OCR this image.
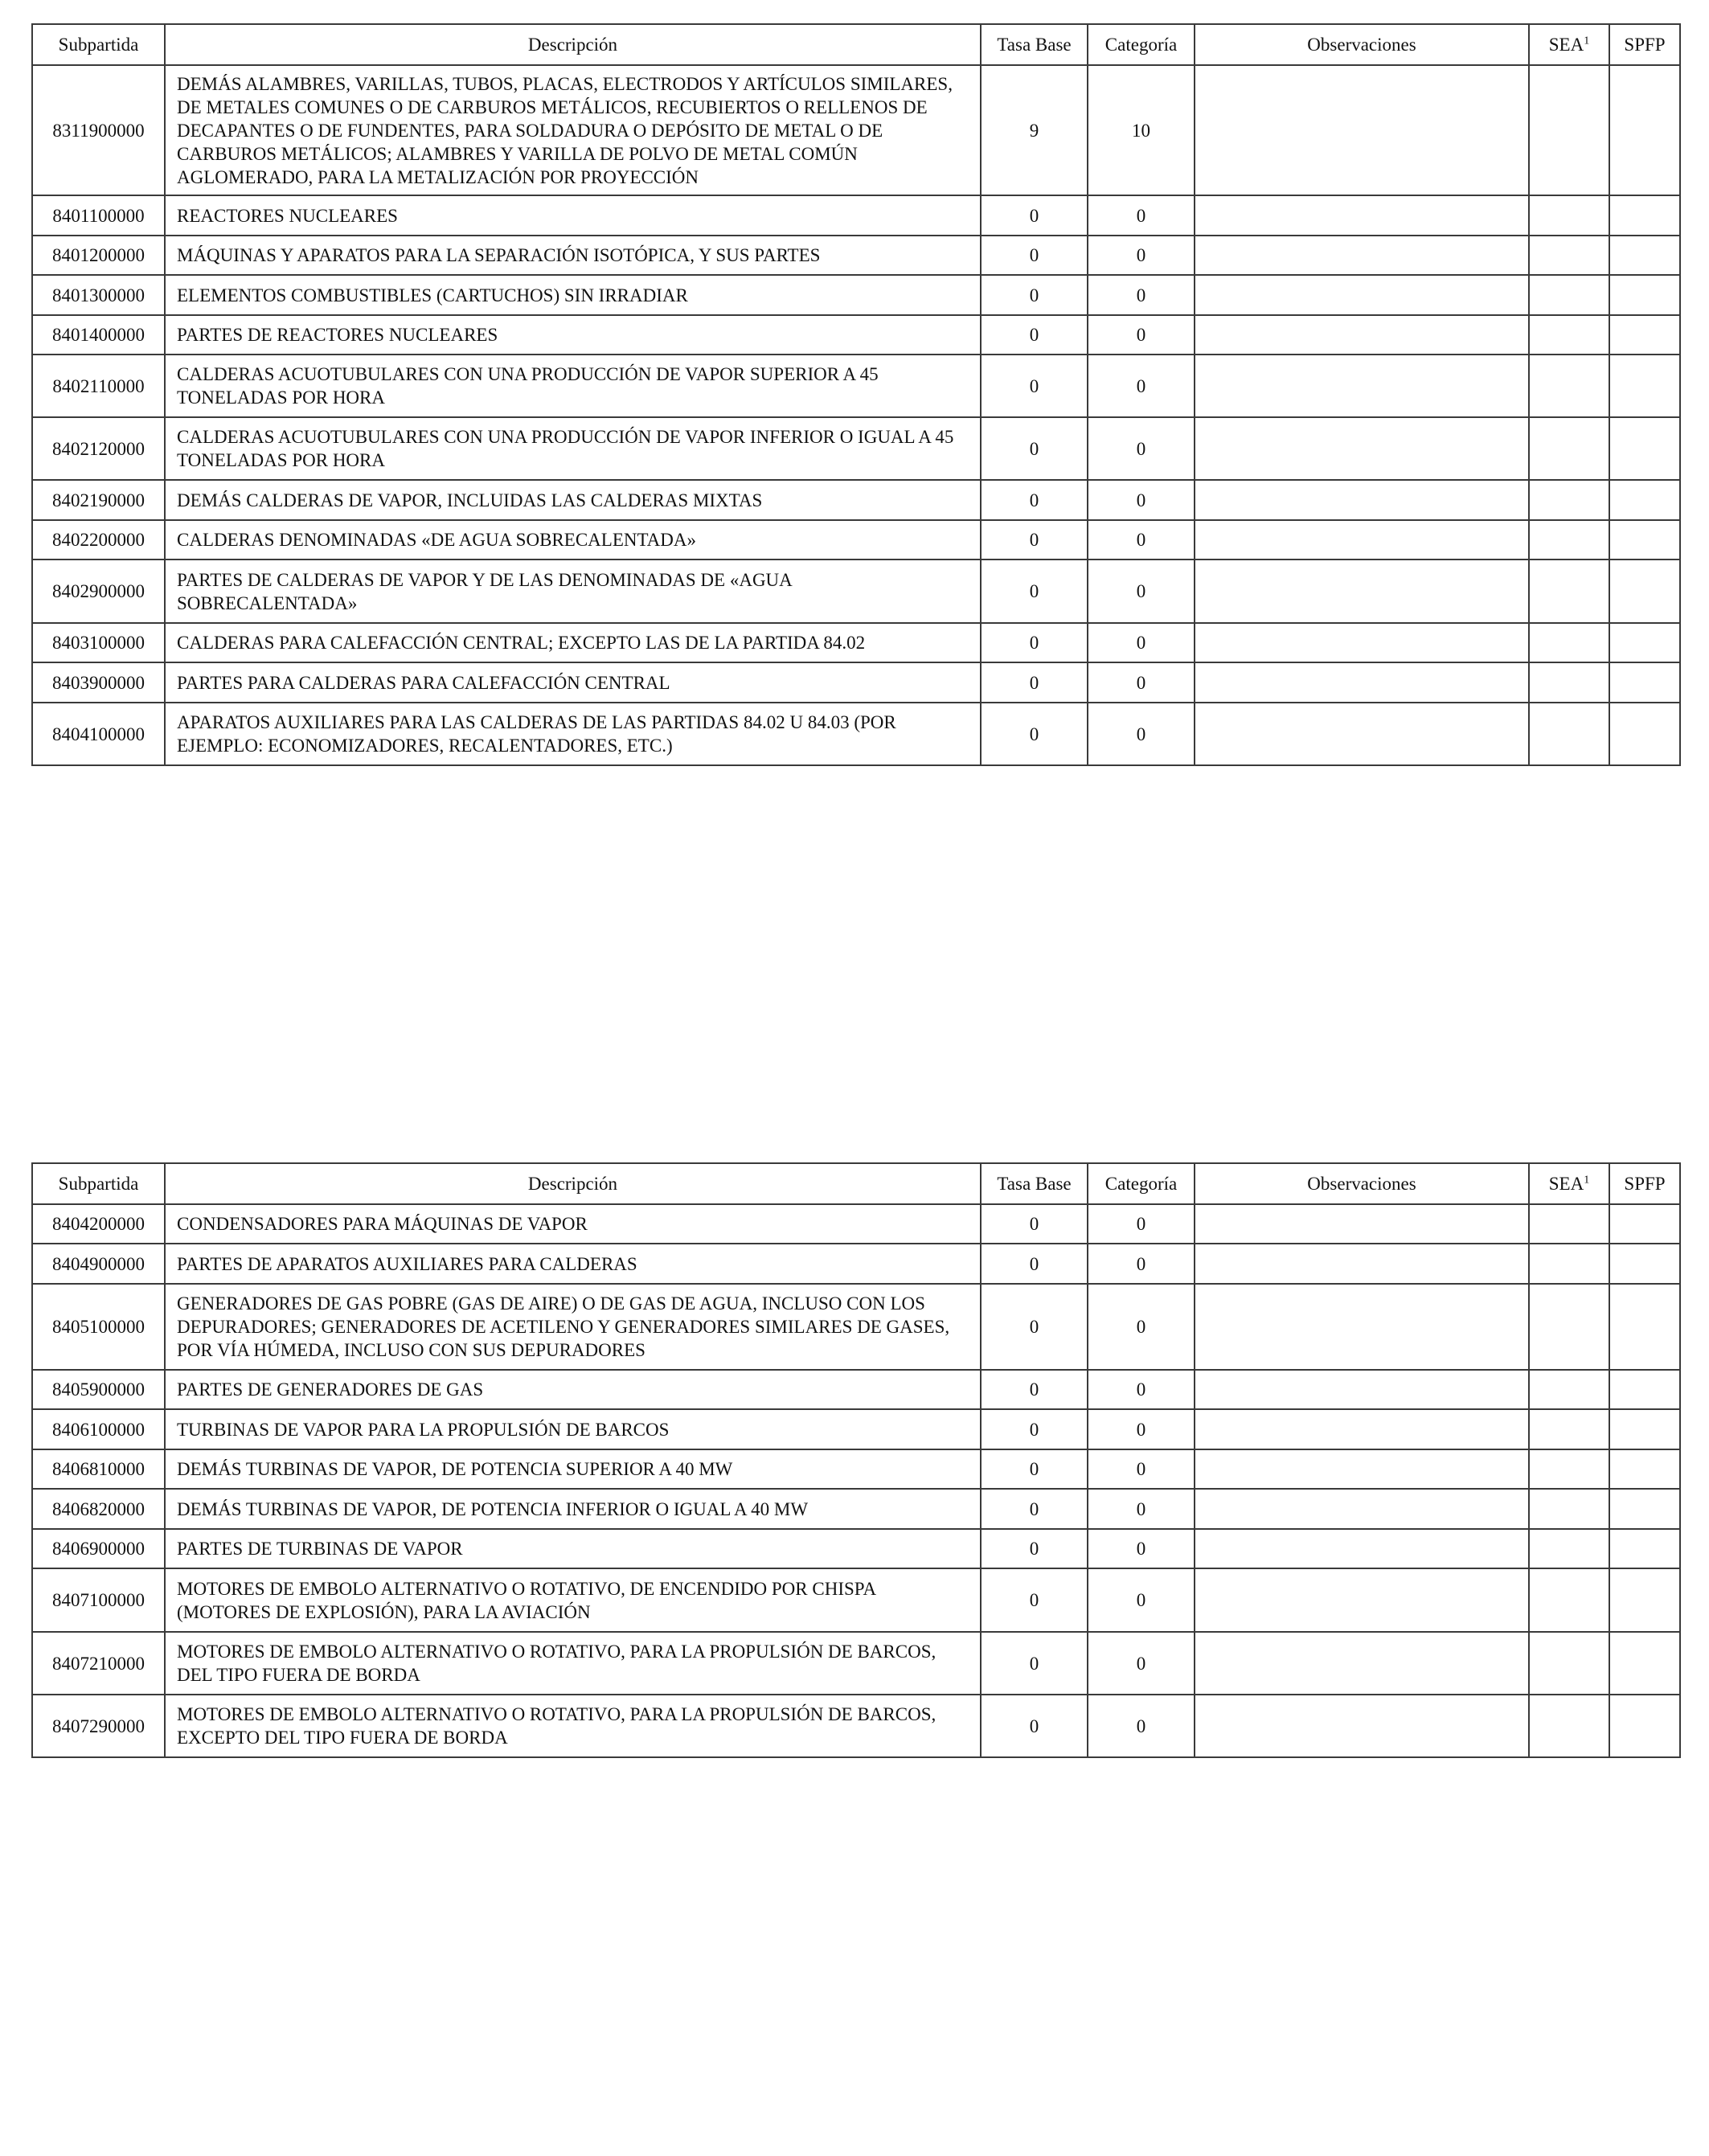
Subpartida	Descripción	Tasa Base	Categoría	Observaciones	SEA$^1$	SPFP
8311900000	DEMÁS ALAMBRES, VARILLAS, TUBOS, PLACAS, ELECTRODOS Y ARTÍCULOS SIMILARES, DE METALES COMUNES O DE CARBUROS METÁLICOS, RECUBIERTOS O RELLENOS DE DECAPANTES O DE FUNDENTES, PARA SOLDADURA O DEPÓSITO DE METAL O DE CARBUROS METÁLICOS; ALAMBRES Y VARILLA DE POLVO DE METAL COMÚN AGLOMERADO, PARA LA METALIZACIÓN POR PROYECCIÓN	9	10			
8401100000	REACTORES NUCLEARES	0	0			
8401200000	MÁQUINAS Y APARATOS PARA LA SEPARACIÓN ISOTÓPICA, Y SUS PARTES	0	0			
8401300000	ELEMENTOS COMBUSTIBLES (CARTUCHOS) SIN IRRADIAR	0	0			
8401400000	PARTES DE REACTORES NUCLEARES	0	0			
8402110000	CALDERAS ACUOTUBULARES CON UNA PRODUCCIÓN DE VAPOR SUPERIOR A 45 TONELADAS POR HORA	0	0			
8402120000	CALDERAS ACUOTUBULARES CON UNA PRODUCCIÓN DE VAPOR INFERIOR O IGUAL A 45 TONELADAS POR HORA	0	0			
8402190000	DEMÁS CALDERAS DE VAPOR, INCLUIDAS LAS CALDERAS MIXTAS	0	0			
8402200000	CALDERAS DENOMINADAS «DE AGUA SOBRECALENTADA»	0	0			
8402900000	PARTES DE CALDERAS DE VAPOR Y DE LAS DENOMINADAS DE «AGUA SOBRECALENTADA»	0	0			
8403100000	CALDERAS PARA CALEFACCIÓN CENTRAL; EXCEPTO LAS DE LA PARTIDA 84.02	0	0			
8403900000	PARTES PARA CALDERAS PARA CALEFACCIÓN CENTRAL	0	0			
8404100000	APARATOS AUXILIARES PARA LAS CALDERAS DE LAS PARTIDAS 84.02 U 84.03 (POR EJEMPLO: ECONOMIZADORES, RECALENTADORES, ETC.)	0	0			
Subpartida	Descripción	Tasa Base	Categoría	Observaciones	SEA$^1$	SPFP
8404200000	CONDENSADORES PARA MÁQUINAS DE VAPOR	0	0			
8404900000	PARTES DE APARATOS AUXILIARES PARA CALDERAS	0	0			
8405100000	GENERADORES DE GAS POBRE (GAS DE AIRE) O DE GAS DE AGUA, INCLUSO CON LOS DEPURADORES; GENERADORES DE ACETILENO Y GENERADORES SIMILARES DE GASES, POR VÍA HÚMEDA, INCLUSO CON SUS DEPURADORES	0	0			
8405900000	PARTES DE GENERADORES DE GAS	0	0			
8406100000	TURBINAS DE VAPOR PARA LA PROPULSIÓN DE BARCOS	0	0			
8406810000	DEMÁS TURBINAS DE VAPOR, DE POTENCIA SUPERIOR A 40 MW	0	0			
8406820000	DEMÁS TURBINAS DE VAPOR, DE POTENCIA INFERIOR O IGUAL A 40 MW	0	0			
8406900000	PARTES DE TURBINAS DE VAPOR	0	0			
8407100000	MOTORES DE EMBOLO ALTERNATIVO O ROTATIVO, DE ENCENDIDO POR CHISPA (MOTORES DE EXPLOSIÓN), PARA LA AVIACIÓN	0	0			
8407210000	MOTORES DE EMBOLO ALTERNATIVO O ROTATIVO, PARA LA PROPULSIÓN DE BARCOS, DEL TIPO FUERA DE BORDA	0	0			
8407290000	MOTORES DE EMBOLO ALTERNATIVO O ROTATIVO, PARA LA PROPULSIÓN DE BARCOS, EXCEPTO DEL TIPO FUERA DE BORDA	0	0			
